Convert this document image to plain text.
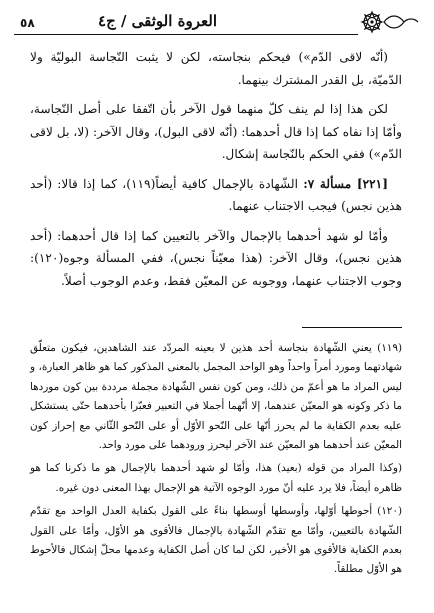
٥٨	العروة الوثقى / ج٤

(أنّه لاقى الدّم») فيحكم بنجاسته، لكن لا يثبت النّجاسة البوليّة ولا الدّميّة، بل القدر المشترك بينهما.

لكن هذا إذا لم ينف كلّ منهما قول الآخر بأن اتّفقا على أصل النّجاسة، وأمّا إذا نفاه كما إذا قال أحدهما: (أنّه لاقى البول)، وقال الآخر: (لا، بل لاقى الدّم») ففي الحكم بالنّجاسة إشكال.

[٢٢١] مسألة ٧: الشّهادة بالإجمال كافية أيضاً(١١٩)، كما إذا قالا: (أحد هذين نجس) فيجب الاجتناب عنهما.

وأمّا لو شهد أحدهما بالإجمال والآخر بالتعيين كما إذا قال أحدهما: (أحد هذين نجس)، وقال الآخر: (هذا معيّناً نجس)، ففي المسألة وجوه(١٢٠): وجوب الاجتناب عنهما، ووجوبه عن المعيّن فقط، وعدم الوجوب أصلاً.

(١١٩) يعني الشّهادة بنجاسة أحد هذين لا بعينه المردّد عند الشاهدين، فيكون متعلّق شهادتهما ومورد أمراً واحداً وهو الواحد المجمل بالمعنى المذكور كما هو ظاهر العبارة، و ليس المراد ما هو أعمّ من ذلك، ومن كون نفس الشّهادة مجملة مرددة بين كون موردها ما ذكر وكونه هو المعيّن عندهما، إلا أنّهما أجملا في التعبير فعبّرا بأحدهما حتّى يستشكل عليه بعدم الكفاية ما لم يحرز أنّها على النّحو الأوّل أو على النّحو الثّاني مع إحراز كون المعيّن عند أحدهما هو المعيّن عند الآخر ليحرز ورودهما على مورد واحد.

(وكذا المراد من قوله (بعيد) هذا، وأمّا لو شهد أحدهما بالإجمال هو ما ذكرنا كما هو ظاهره أيضاً، فلا يرد عليه أنّ مورد الوجوه الآتية هو الإجمال بهذا المعنى دون غيره.

(١٢٠) أحوطها أوّلها، وأوسطها أوسطها بناءً على القول بكفاية العدل الواحد مع تقدّم الشّهادة بالتعيين، وأمّا مع تقدّم الشّهادة بالإجمال فالأقوى هو الأوّل، وأمّا على القول بعدم الكفاية فالأقوى هو الأخير، لكن لما كان أصل الكفاية وعدمها محلّ إشكال فالأحوط هو الأوّل مطلقاً.
